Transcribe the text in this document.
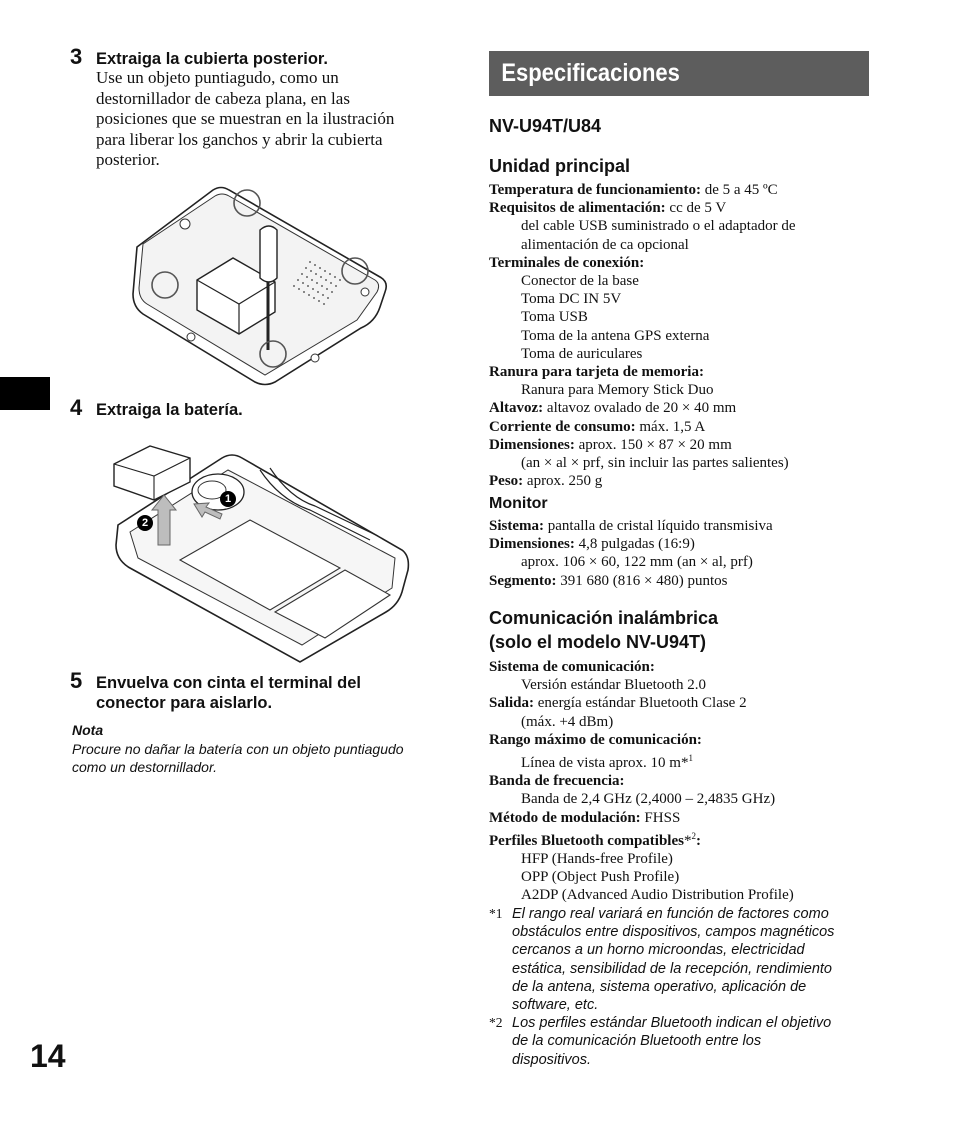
3 Extraiga la cubierta posterior.
Use un objeto puntiagudo, como un
destornillador de cabeza plana, en las
posiciones que se muestran en la ilustración
para liberar los ganchos y abrir la cubierta
posterior.
4 Extraiga la batería.
1
2
5 Envuelva con cinta el terminal del
conector para aislarlo.
Nota
Procure no dañar la batería con un objeto puntiagudo
como un destornillador.
14
Especificaciones
NV-U94T/U84
Unidad principal
Temperatura de funcionamiento: de 5 a 45 ºC
Requisitos de alimentación: cc de 5 V
del cable USB suministrado o el adaptador de
alimentación de ca opcional
Terminales de conexión:
Conector de la base
Toma DC IN 5V
Toma USB
Toma de la antena GPS externa
Toma de auriculares
Ranura para tarjeta de memoria:
Ranura para Memory Stick Duo
Altavoz: altavoz ovalado de 20 × 40 mm
Corriente de consumo: máx. 1,5 A
Dimensiones: aprox. 150 × 87 × 20 mm
(an × al × prf, sin incluir las partes salientes)
Peso: aprox. 250 g
Monitor
Sistema: pantalla de cristal líquido transmisiva
Dimensiones: 4,8 pulgadas (16:9)
aprox. 106 × 60, 122 mm (an × al, prf)
Segmento: 391 680 (816 × 480) puntos
Comunicación inalámbrica
(solo el modelo NV-U94T)
Sistema de comunicación:
Versión estándar Bluetooth 2.0
Salida: energía estándar Bluetooth Clase 2
(máx. +4 dBm)
Rango máximo de comunicación:
Línea de vista aprox. 10 m*$^1$
Banda de frecuencia:
Banda de 2,4 GHz (2,4000 – 2,4835 GHz)
Método de modulación: FHSS
Perfiles Bluetooth compatibles*$^2$:
HFP (Hands-free Profile)
OPP (Object Push Profile)
A2DP (Advanced Audio Distribution Profile)
*1 El rango real variará en función de factores como
obstáculos entre dispositivos, campos magnéticos
cercanos a un horno microondas, electricidad
estática, sensibilidad de la recepción, rendimiento
de la antena, sistema operativo, aplicación de
software, etc.
*2 Los perfiles estándar Bluetooth indican el objetivo
de la comunicación Bluetooth entre los
dispositivos.
